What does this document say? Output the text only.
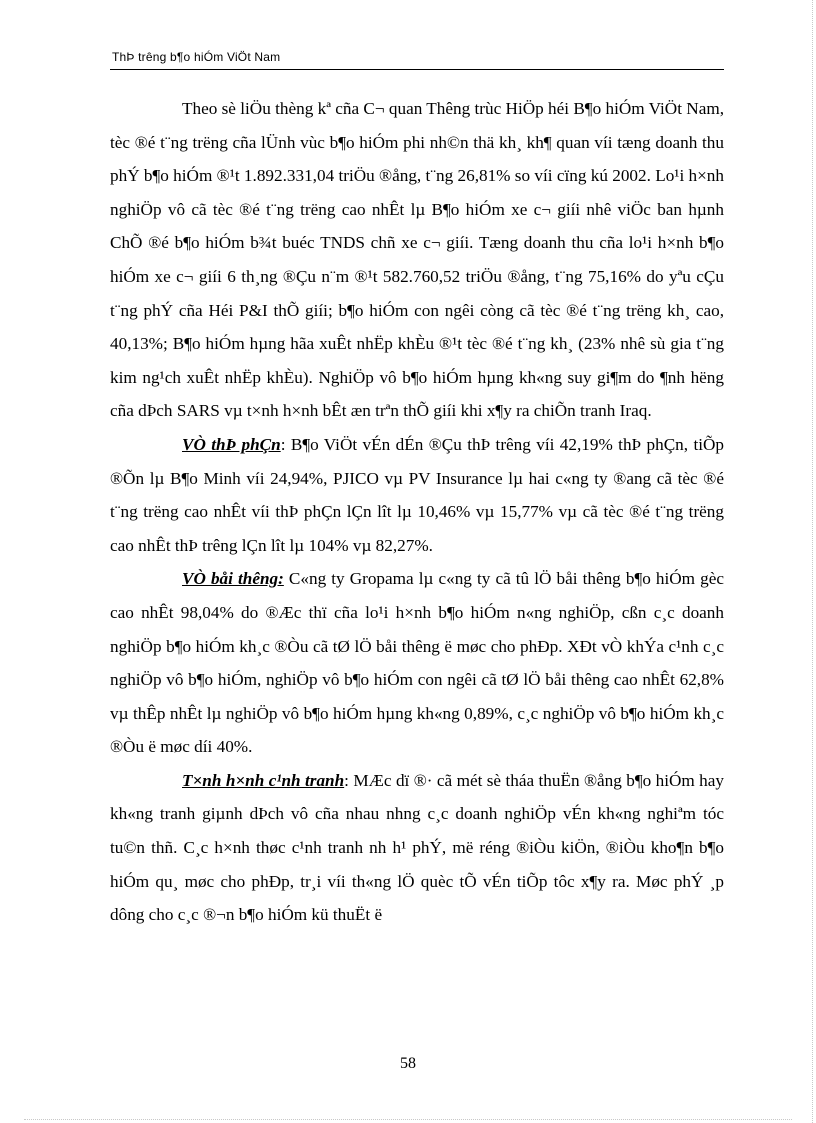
ThÞ trêng b¶o hiÓm ViÖt Nam

Theo sè liÖu thèng kª cña C¬ quan Thêng trùc HiÖp héi B¶o hiÓm ViÖt Nam, tèc ®é t¨ng trëng cña lÜnh vùc b¶o hiÓm phi nh©n thä kh¸ kh¶ quan víi tæng doanh thu phÝ b¶o hiÓm ®¹t 1.892.331,04 triÖu ®ång, t¨ng 26,81% so víi cïng kú 2002. Lo¹i h×nh nghiÖp vô cã tèc ®é t¨ng trëng cao nhÊt lµ B¶o hiÓm xe c¬ giíi nhê viÖc ban hµnh ChÕ ®é b¶o hiÓm b¾t buéc TNDS chñ xe c¬ giíi. Tæng doanh thu cña lo¹i h×nh b¶o hiÓm xe c¬ giíi 6 th¸ng ®Çu n¨m ®¹t 582.760,52 triÖu ®ång, t¨ng 75,16% do yªu cÇu t¨ng phÝ cña Héi P&I thÕ giíi; b¶o hiÓm con ngêi còng cã tèc ®é t¨ng trëng kh¸ cao, 40,13%; B¶o hiÓm hµng hãa xuÊt nhËp khÈu ®¹t tèc ®é t¨ng kh¸ (23% nhê sù gia t¨ng kim ng¹ch xuÊt nhËp khÈu). NghiÖp vô b¶o hiÓm hµng kh«ng suy gi¶m do ¶nh hëng cña dÞch SARS vµ t×nh h×nh bÊt æn trªn thÕ giíi khi x¶y ra chiÕn tranh Iraq.

VÒ thÞ phÇn: B¶o ViÖt vÉn dÉn ®Çu thÞ trêng víi 42,19% thÞ phÇn, tiÕp ®Õn lµ B¶o Minh víi 24,94%, PJICO vµ PV Insurance lµ hai c«ng ty ®ang cã tèc ®é t¨ng trëng cao nhÊt víi thÞ phÇn lÇn lît lµ 10,46% vµ 15,77% vµ cã tèc ®é t¨ng trëng cao nhÊt thÞ trêng lÇn lît lµ 104% vµ 82,27%.

VÒ båi thêng: C«ng ty Gropama lµ c«ng ty cã tû lÖ båi thêng b¶o hiÓm gèc cao nhÊt 98,04% do ®Æc thï cña lo¹i h×nh b¶o hiÓm n«ng nghiÖp, cßn c¸c doanh nghiÖp b¶o hiÓm kh¸c ®Òu cã tØ lÖ båi thêng ë møc cho phÐp. XÐt vÒ khÝa c¹nh c¸c nghiÖp vô b¶o hiÓm, nghiÖp vô b¶o hiÓm con ngêi cã tØ lÖ båi thêng cao nhÊt 62,8% vµ thÊp nhÊt lµ nghiÖp vô b¶o hiÓm hµng kh«ng 0,89%, c¸c nghiÖp vô b¶o hiÓm kh¸c ®Òu ë møc díi 40%.

T×nh h×nh c¹nh tranh: MÆc dï ®· cã mét sè tháa thuËn ®ång b¶o hiÓm hay kh«ng tranh giµnh dÞch vô cña nhau nhng c¸c doanh nghiÖp vÉn kh«ng nghiªm tóc tu©n thñ. C¸c h×nh thøc c¹nh tranh nh h¹ phÝ, më réng ®iÒu kiÖn, ®iÒu kho¶n b¶o hiÓm qu¸ møc cho phÐp, tr¸i víi th«ng lÖ quèc tÕ vÉn tiÕp tôc x¶y ra. Møc phÝ ¸p dông cho c¸c ®¬n b¶o hiÓm kü thuËt ë

58
